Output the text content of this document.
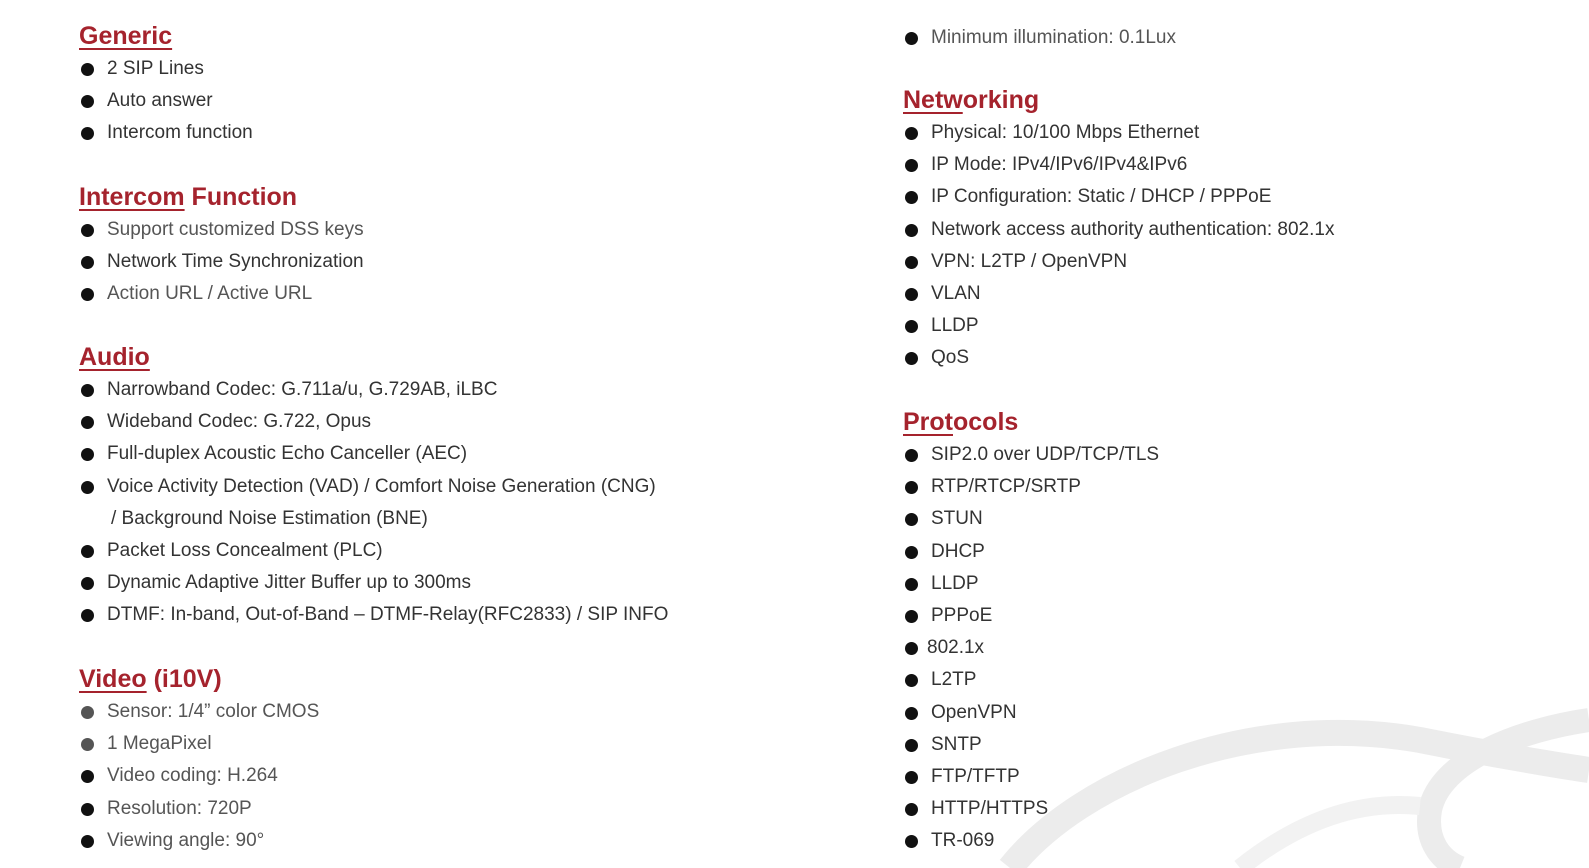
Generic
2 SIP Lines
Auto answer
Intercom function
Intercom Function
Support customized DSS keys
Network Time Synchronization
Action URL / Active URL
Audio
Narrowband Codec: G.711a/u, G.729AB, iLBC
Wideband Codec: G.722, Opus
Full-duplex Acoustic Echo Canceller (AEC)
Voice Activity Detection (VAD) / Comfort Noise Generation (CNG)
/ Background Noise Estimation (BNE)
Packet Loss Concealment (PLC)
Dynamic Adaptive Jitter Buffer up to 300ms
DTMF: In-band, Out-of-Band – DTMF-Relay(RFC2833) / SIP INFO
Video (i10V)
Sensor: 1/4” color CMOS
1 MegaPixel
Video coding: H.264
Resolution: 720P
Viewing angle: 90°
Minimum illumination: 0.1Lux
Networking
Physical: 10/100 Mbps Ethernet
IP Mode: IPv4/IPv6/IPv4&IPv6
IP Configuration: Static / DHCP / PPPoE
Network access authority authentication: 802.1x
VPN: L2TP / OpenVPN
VLAN
LLDP
QoS
Protocols
SIP2.0 over UDP/TCP/TLS
RTP/RTCP/SRTP
STUN
DHCP
LLDP
PPPoE
802.1x
L2TP
OpenVPN
SNTP
FTP/TFTP
HTTP/HTTPS
TR-069
